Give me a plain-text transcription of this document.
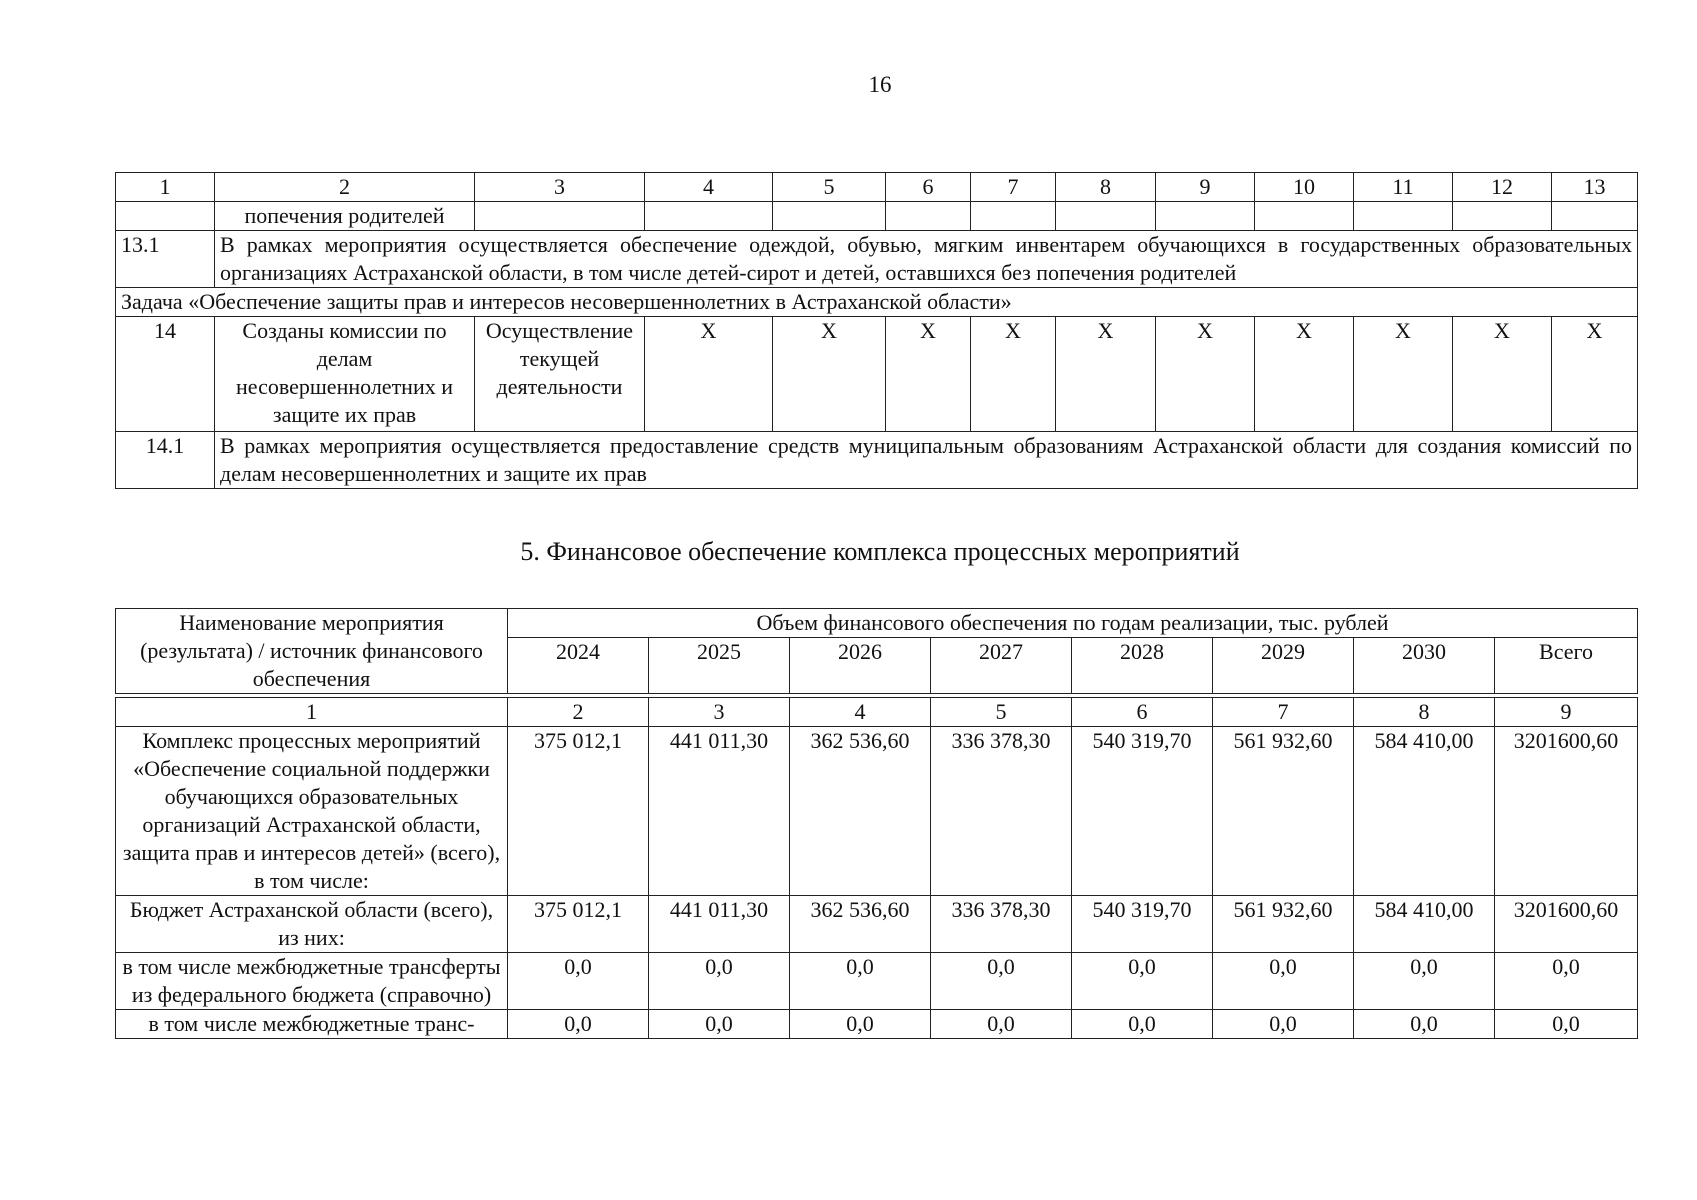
16
1	2	3	4	5	6	7	8	9	10	11	12	13
	попечения родителей											
13.1	В рамках мероприятия осуществляется обеспечение одеждой, обувью, мягким инвентарем обучающихся в государственных образовательных организациях Астраханской области, в том числе детей-сирот и детей, оставшихся без попечения родителей											
Задача «Обеспечение защиты прав и интересов несовершеннолетних в Астраханской области»												
14	Созданы комиссии по делам несовершеннолетних и защите их прав	Осуществление текущей деятельности	X	X	X	X	X	X	X	X	X	X
14.1	В рамках мероприятия осуществляется предоставление средств муниципальным образованиям Астраханской области для создания комиссий по делам несовершеннолетних и защите их прав											
5. Финансовое обеспечение комплекса процессных мероприятий
Наименование мероприятия (результата) / источник финансового обеспечения	Объем финансового обеспечения по годам реализации, тыс. рублей							
	2024	2025	2026	2027	2028	2029	2030	Всего

1	2	3	4	5	6	7	8	9
Комплекс процессных мероприятий «Обеспечение социальной поддержки обучающихся образовательных организаций Астраханской области, защита прав и интересов детей» (всего), в том числе:	375 012,1	441 011,30	362 536,60	336 378,30	540 319,70	561 932,60	584 410,00	3201600,60
Бюджет Астраханской области (всего), из них:	375 012,1	441 011,30	362 536,60	336 378,30	540 319,70	561 932,60	584 410,00	3201600,60
в том числе межбюджетные трансферты из федерального бюджета (справочно)	0,0	0,0	0,0	0,0	0,0	0,0	0,0	0,0
в том числе межбюджетные транс-	0,0	0,0	0,0	0,0	0,0	0,0	0,0	0,0
